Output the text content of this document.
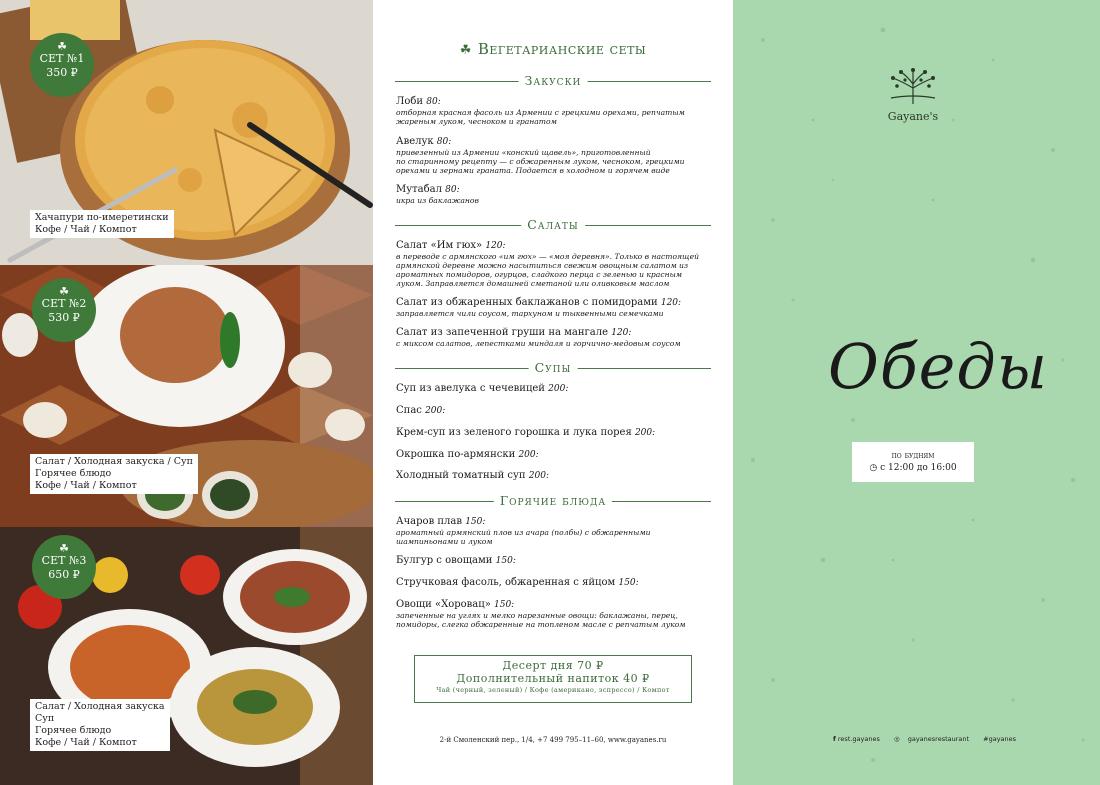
☘
СЕТ №1
350 ₽
Хачапури по-имеретински
Кофе / Чай / Компот
☘
СЕТ №2
530 ₽
Салат / Холодная закуска / Суп
Горячее блюдо
Кофе / Чай / Компот
☘
СЕТ №3
650 ₽
Салат / Холодная закуска
Суп
Горячее блюдо
Кофе / Чай / Компот
☘ Вегетарианские сеты
Закуски
Лоби 80:
отборная красная фасоль из Армении с грецкими орехами, репчатым
жареным луком, чесноком и гранатом
Авелук 80:
привезенный из Армении «конский щавель», приготовленный
по старинному рецепту — с обжаренным луком, чесноком, грецкими
орехами и зернами граната. Подается в холодном и горячем виде
Мутабал 80:
икра из баклажанов
Салаты
Салат «Им гюх» 120:
в переводе с армянского «им гюх» — «моя деревня». Только в настоящей
армянской деревне можно насытиться свежим овощным салатом из
ароматных помидоров, огурцов, сладкого перца с зеленью и красным
луком. Заправляется домашней сметаной или оливковым маслом
Салат из обжаренных баклажанов с помидорами 120:
заправляется чили соусом, тархуном и тыквенными семечками
Салат из запеченной груши на мангале 120:
с миксом салатов, лепестками миндаля и горчично-медовым соусом
Супы
Суп из авелука с чечевицей 200:
Спас 200:
Крем-суп из зеленого горошка и лука порея 200:
Окрошка по-армянски 200:
Холодный томатный суп 200:
Горячие блюда
Ачаров плав 150:
ароматный армянский плов из ачара (полбы) с обжаренными
шампиньонами и луком
Булгур с овощами 150:
Стручковая фасоль, обжаренная с яйцом 150:
Овощи «Хоровац» 150:
запеченные на углях и мелко нарезанные овощи: баклажаны, перец,
помидоры, слегка обжаренные на топленом масле с репчатым луком
Десерт дня 70 ₽
Дополнительный напиток 40 ₽
Чай (черный, зеленый) / Кофе (американо, эспрессо) / Компот
2-й Смоленский пер., 1/4, +7 499 795–11–60, www.gayanes.ru
Gayane's
Обеды
по будням
◷ с 12:00 до 16:00
f rest.gayanes ◎ gayanesrestaurant #gayanes
